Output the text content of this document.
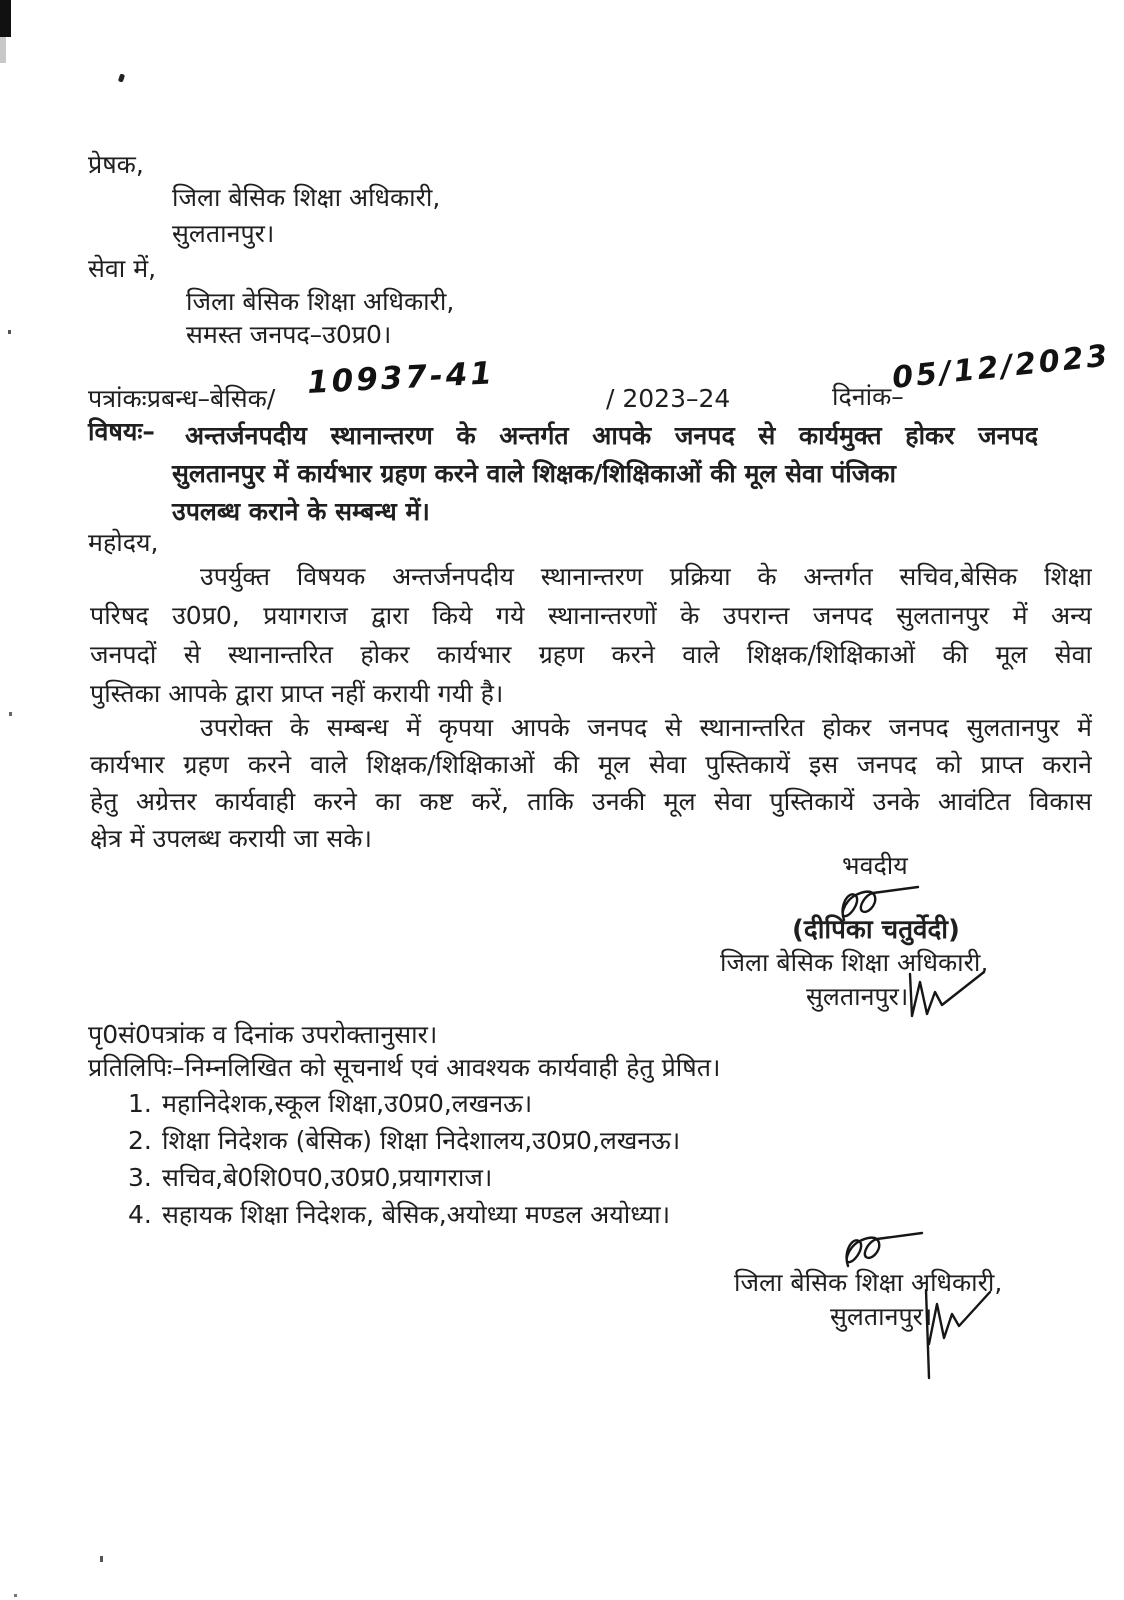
प्रेषक,
जिला बेसिक शिक्षा अधिकारी,
सुलतानपुर।
सेवा में,
जिला बेसिक शिक्षा अधिकारी,
समस्त जनपद–उ0प्र0।
पत्रांकःप्रबन्ध–बेसिक/ 10937-41	/ 2023–24	दिनांक–
05/12/2023
विषयः–	अन्तर्जनपदीय स्थानान्तरण के अन्तर्गत आपके जनपद से कार्यमुक्त होकर जनपद
सुलतानपुर में कार्यभार ग्रहण करने वाले शिक्षक/शिक्षिकाओं की मूल सेवा पंजिका
उपलब्ध कराने के सम्बन्ध में।
महोदय,
उपर्युक्त विषयक अन्तर्जनपदीय स्थानान्तरण प्रक्रिया के अन्तर्गत सचिव,बेसिक शिक्षा
परिषद उ0प्र0, प्रयागराज द्वारा किये गये स्थानान्तरणों के उपरान्त जनपद सुलतानपुर में अन्य
जनपदों से स्थानान्तरित होकर कार्यभार ग्रहण करने वाले शिक्षक/शिक्षिकाओं की मूल सेवा
पुस्तिका आपके द्वारा प्राप्त नहीं करायी गयी है।
उपरोक्त के सम्बन्ध में कृपया आपके जनपद से स्थानान्तरित होकर जनपद सुलतानपुर में
कार्यभार ग्रहण करने वाले शिक्षक/शिक्षिकाओं की मूल सेवा पुस्तिकायें इस जनपद को प्राप्त कराने
हेतु अग्रेत्तर कार्यवाही करने का कष्ट करें, ताकि उनकी मूल सेवा पुस्तिकायें उनके आवंटित विकास
क्षेत्र में उपलब्ध करायी जा सके।
भवदीय
(दीपिका चतुर्वेदी)
जिला बेसिक शिक्षा अधिकारी,
सुलतानपुर।
पृ0सं0पत्रांक व दिनांक उपरोक्तानुसार।
प्रतिलिपिः–निम्नलिखित को सूचनार्थ एवं आवश्यक कार्यवाही हेतु प्रेषित।
1. महानिदेशक,स्कूल शिक्षा,उ0प्र0,लखनऊ।
2. शिक्षा निदेशक (बेसिक) शिक्षा निदेशालय,उ0प्र0,लखनऊ।
3. सचिव,बे0शि0प0,उ0प्र0,प्रयागराज।
4. सहायक शिक्षा निदेशक, बेसिक,अयोध्या मण्डल अयोध्या।
जिला बेसिक शिक्षा अधिकारी,
सुलतानपुर।
